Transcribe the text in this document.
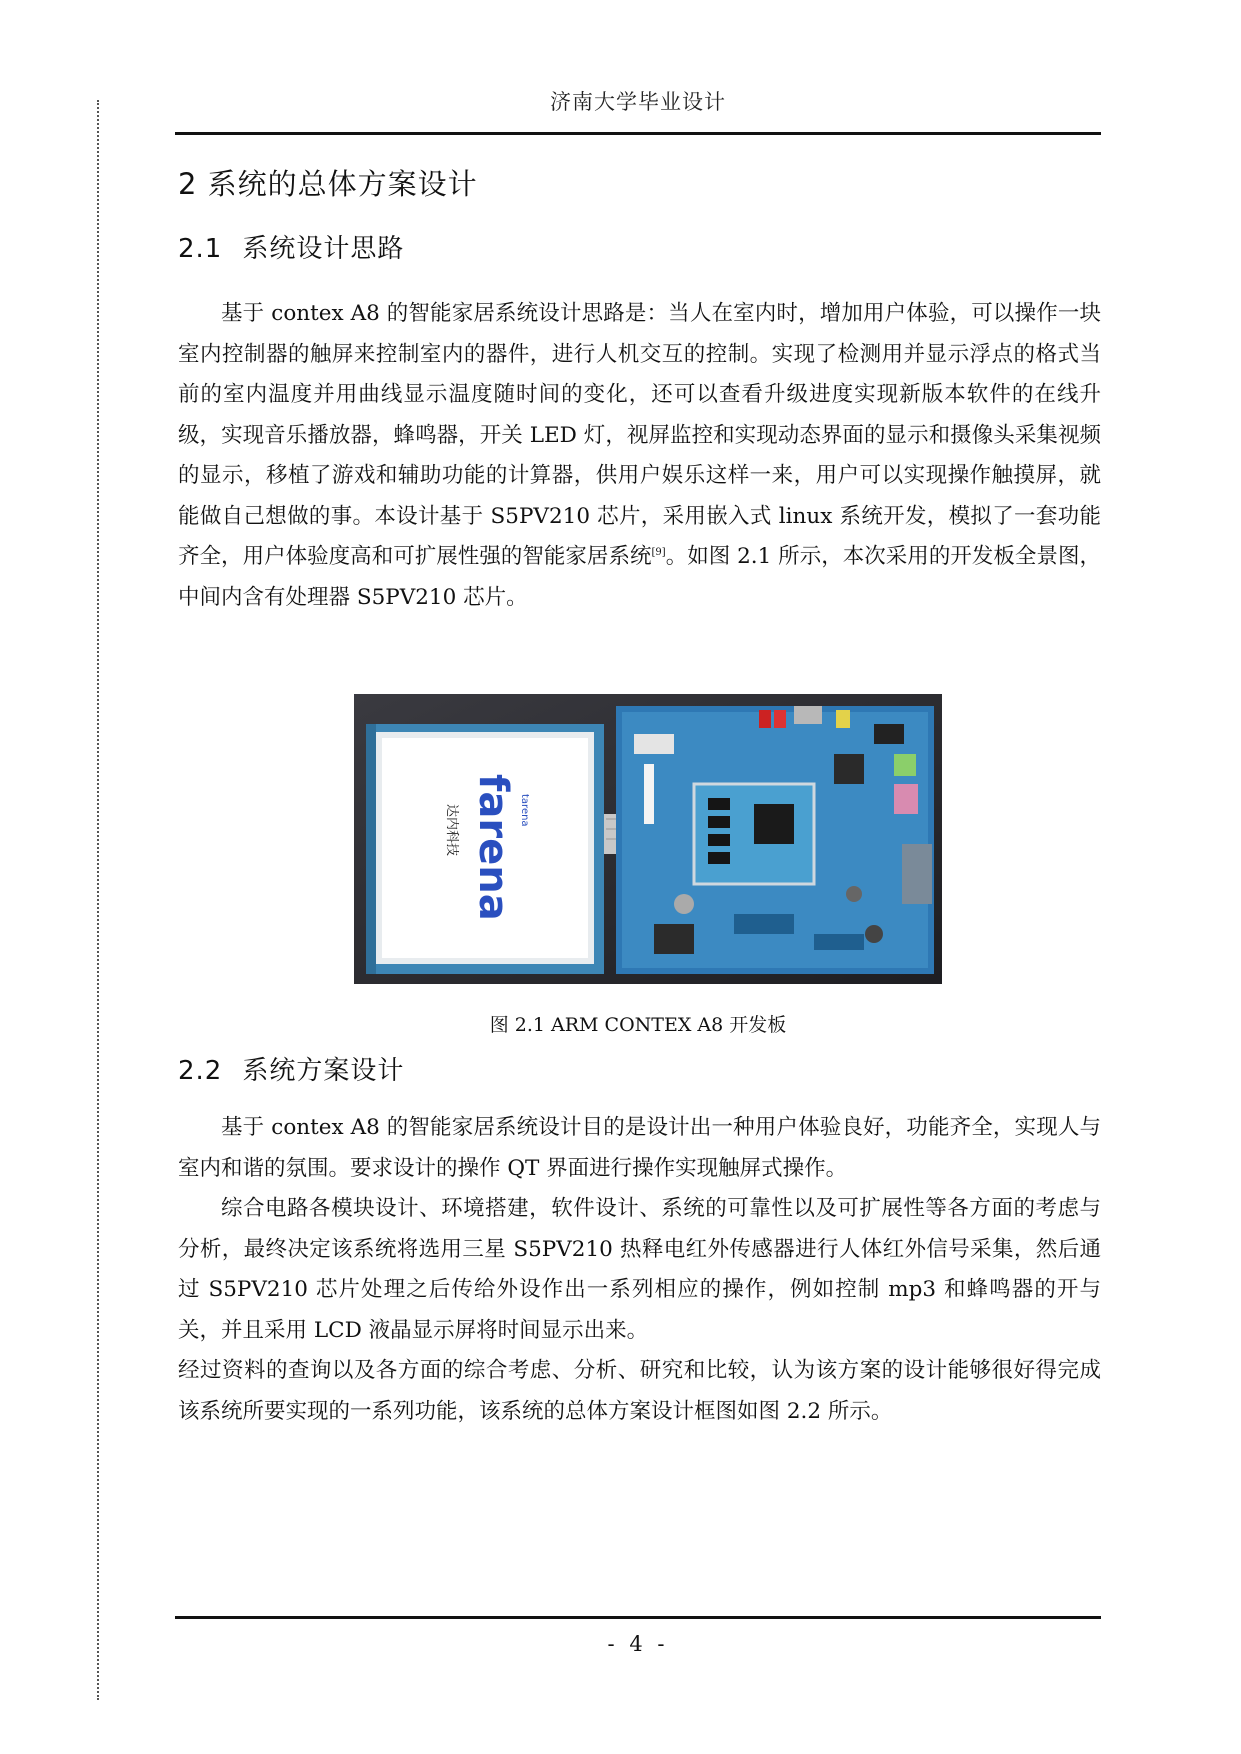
济南大学毕业设计
2 系统的总体方案设计
2.1 系统设计思路

基于 contex A8 的智能家居系统设计思路是：当人在室内时，增加用户体验，可以操作一块室内控制器的触屏来控制室内的器件，进行人机交互的控制。实现了检测用并显示浮点的格式当前的室内温度并用曲线显示温度随时间的变化，还可以查看升级进度实现新版本软件的在线升级，实现音乐播放器，蜂鸣器，开关 LED 灯，视屏监控和实现动态界面的显示和摄像头采集视频的显示，移植了游戏和辅助功能的计算器，供用户娱乐这样一来，用户可以实现操作触摸屏，就能做自己想做的事。本设计基于 S5PV210 芯片，采用嵌入式 linux 系统开发，模拟了一套功能齐全，用户体验度高和可扩展性强的智能家居系统[9]。如图 2.1 所示，本次采用的开发板全景图，中间内含有处理器 S5PV210 芯片。

farena tarena
达内科技
图 2.1 ARM CONTEX A8 开发板
2.2 系统方案设计

基于 contex A8 的智能家居系统设计目的是设计出一种用户体验良好，功能齐全，实现人与室内和谐的氛围。要求设计的操作 QT 界面进行操作实现触屏式操作。

综合电路各模块设计、环境搭建，软件设计、系统的可靠性以及可扩展性等各方面的考虑与分析，最终决定该系统将选用三星 S5PV210 热释电红外传感器进行人体红外信号采集，然后通过 S5PV210 芯片处理之后传给外设作出一系列相应的操作，例如控制 mp3 和蜂鸣器的开与关，并且采用 LCD 液晶显示屏将时间显示出来。

经过资料的查询以及各方面的综合考虑、分析、研究和比较，认为该方案的设计能够很好得完成该系统所要实现的一系列功能，该系统的总体方案设计框图如图 2.2 所示。

- 4 -
